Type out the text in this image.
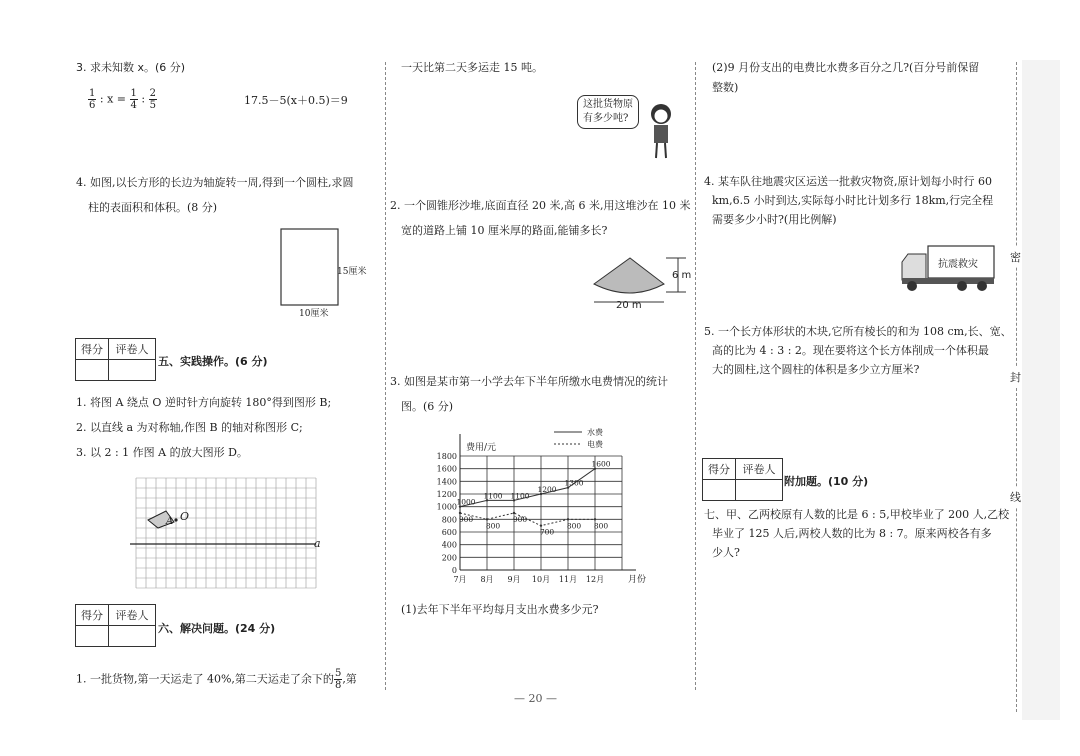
密
封
线
3. 求未知数 x。(6 分)
$\frac{1}{6}$ : $x = \frac{1}{4}$ : $\frac{2}{5}$	17.5－5(x＋0.5)＝9
4. 如图,以长方形的长边为轴旋转一周,得到一个圆柱,求圆
柱的表面积和体积。(8 分)
15厘米
10厘米
得分	评卷人

五、实践操作。(6 分)
1. 将图 A 绕点 O 逆时针方向旋转 180°得到图形 B;
2. 以直线 a 为对称轴,作图 B 的轴对称图形 C;
3. 以 2 : 1 作图 A 的放大图形 D。
O
A
a
得分	评卷人

六、解决问题。(24 分)
1. 一批货物,第一天运走了 40%,第二天运走了余下的 $\frac{5}{8}$ ,第
一天比第二天多运走 15 吨。
这批货物原
有多少吨?
2. 一个圆锥形沙堆,底面直径 20 米,高 6 米,用这堆沙在 10 米
宽的道路上铺 10 厘米厚的路面,能铺多长?
6 m
20 m
3. 如图是某市第一小学去年下半年所缴水电费情况的统计
图。(6 分)
1800
1600
1400
1200
1000
800
600
400
200
0
7月 8月 9月 10月 11月 12月
1000
1100 1100
1200
1300
1600
900
800
900
700
800 800
水费
电费
费用/元
月份
(1)去年下半年平均每月支出水费多少元?
— 20 —
(2)9 月份支出的电费比水费多百分之几?(百分号前保留
整数)
4. 某车队往地震灾区运送一批救灾物资,原计划每小时行 60
km,6.5 小时到达,实际每小时比计划多行 18km,行完全程
需要多少小时?(用比例解)
抗震救灾
5. 一个长方体形状的木块,它所有棱长的和为 108 cm,长、宽、
高的比为 4 : 3 : 2。现在要将这个长方体削成一个体积最
大的圆柱,这个圆柱的体积是多少立方厘米?
得分	评卷人

附加题。(10 分)
七、甲、乙两校原有人数的比是 6 : 5,甲校毕业了 200 人,乙校
毕业了 125 人后,两校人数的比为 8 : 7。原来两校各有多
少人?
